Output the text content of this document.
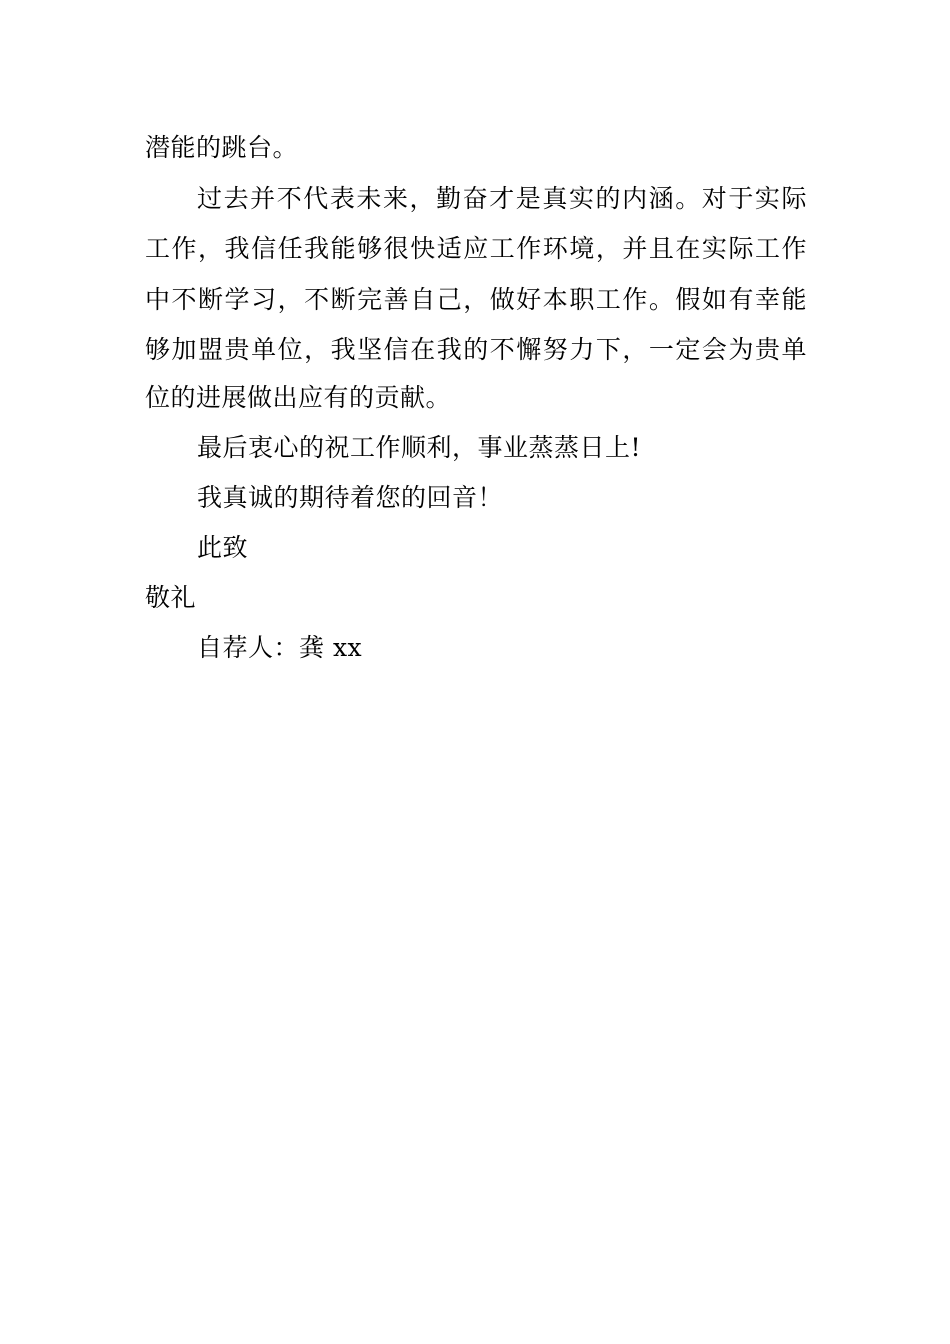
潜能的跳台。
过去并不代表未来，勤奋才是真实的内涵。对于实际
工作，我信任我能够很快适应工作环境，并且在实际工作
中不断学习，不断完善自己，做好本职工作。假如有幸能
够加盟贵单位，我坚信在我的不懈努力下，一定会为贵单
位的进展做出应有的贡献。
最后衷心的祝工作顺利，事业蒸蒸日上!
我真诚的期待着您的回音！
此致
敬礼
自荐人：龚 xx
